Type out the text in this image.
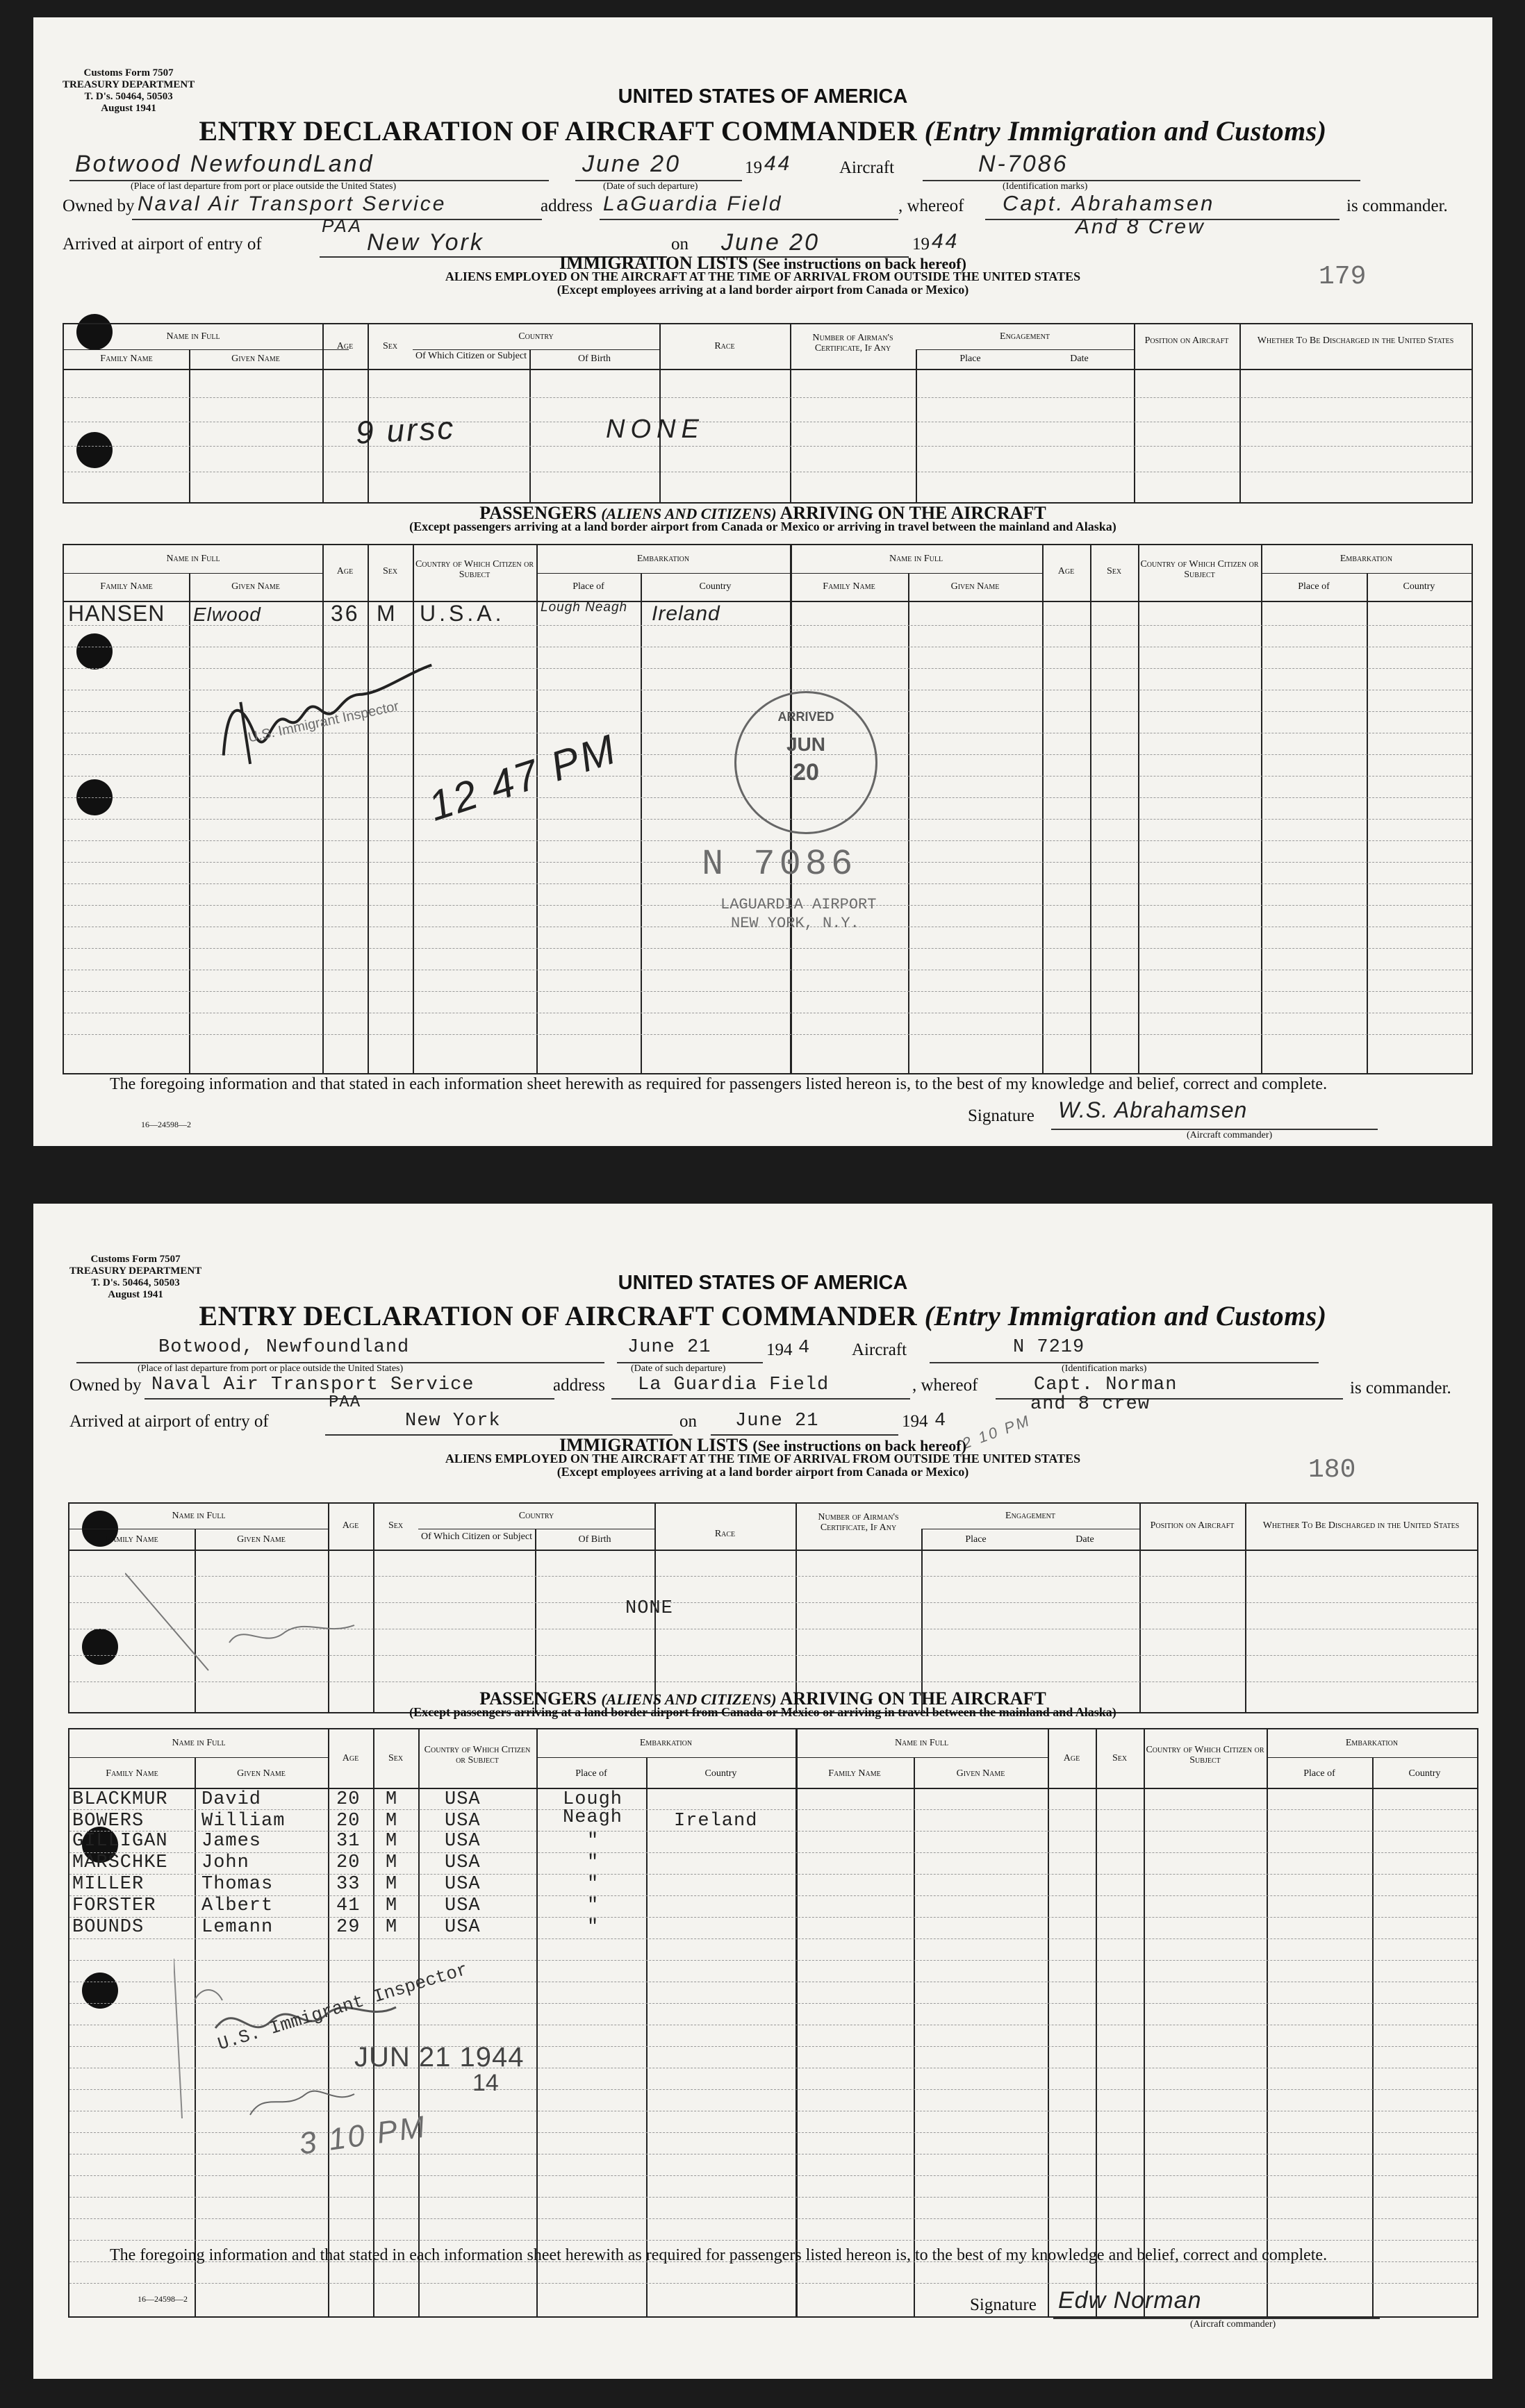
Customs Form 7507
TREASURY DEPARTMENT
T. D's. 50464, 50503
August 1941
UNITED STATES OF AMERICA
ENTRY DECLARATION OF AIRCRAFT COMMANDER (Entry Immigration and Customs)
Botwood NewfoundLand	June 20	19 44	Aircraft	N-7086
(Place of last departure from port or place outside the United States)	(Date of such departure)	(Identification marks)
Owned by Naval Air Transport Service	address LaGuardia Field	, whereof Capt. Abrahamsen	is commander.
PAA	And 8 Crew
Arrived at airport of entry of	New York	on June 20	19 44
179
IMMIGRATION LISTS (See instructions on back hereof)
ALIENS EMPLOYED ON THE AIRCRAFT AT THE TIME OF ARRIVAL FROM OUTSIDE THE UNITED STATES
(Except employees arriving at a land border airport from Canada or Mexico)
Name in Full
Family Name	Given Name
Age	Sex
Country
Of Which Citizen or Subject	Of Birth
Race
Number of Airman's Certificate, If Any
Engagement
Place	Date
Position on Aircraft	Whether To Be Discharged in the United States
9 ursc	NONE
PASSENGERS (ALIENS AND CITIZENS) ARRIVING ON THE AIRCRAFT
(Except passengers arriving at a land border airport from Canada or Mexico or arriving in travel between the mainland and Alaska)
Name in Full
Family Name	Given Name
Age	Sex
Country of Which Citizen or Subject
Embarkation
Place of	Country
Name in Full
Family Name	Given Name
Age	Sex
Country of Which Citizen or Subject
Embarkation
Place of	Country
HANSEN Elwood	36 M U.S.A.	Lough Neagh	Ireland
U.S. Immigrant Inspector
12 47 PM
ARRIVED
JUN
20
N 7086
LAGUARDIA AIRPORT
NEW YORK, N.Y.
The foregoing information and that stated in each information sheet herewith as required for passengers listed hereon is, to the best of my knowledge and belief, correct and complete.
16—24598—2	Signature W.S. Abrahamsen
(Aircraft commander)
Customs Form 7507
TREASURY DEPARTMENT
T. D's. 50464, 50503
August 1941
UNITED STATES OF AMERICA
ENTRY DECLARATION OF AIRCRAFT COMMANDER (Entry Immigration and Customs)
Botwood, Newfoundland	June 21	194 4 Aircraft	N 7219
(Place of last departure from port or place outside the United States)	(Date of such departure)	(Identification marks)
Owned by Naval Air Transport Service	address La Guardia Field	, whereof	Capt. Norman	is commander.
PAA	and 8 crew
Arrived at airport of entry of	New York	on June 21	194 4 2 10 PM
180
IMMIGRATION LISTS (See instructions on back hereof)
ALIENS EMPLOYED ON THE AIRCRAFT AT THE TIME OF ARRIVAL FROM OUTSIDE THE UNITED STATES
(Except employees arriving at a land border airport from Canada or Mexico)
Name in Full
Family Name	Given Name
Age	Sex
Country
Of Which Citizen or Subject	Of Birth
Race
Number of Airman's Certificate, If Any
Engagement
Place	Date
Position on Aircraft	Whether To Be Discharged in the United States
NONE
PASSENGERS (ALIENS AND CITIZENS) ARRIVING ON THE AIRCRAFT
(Except passengers arriving at a land border airport from Canada or Mexico or arriving in travel between the mainland and Alaska)
Name in Full
Family Name	Given Name
Age	Sex
Country of Which Citizen or Subject
Embarkation
Place of	Country
Name in Full
Family Name	Given Name
Age	Sex
Country of Which Citizen or Subject
Embarkation
Place of	Country
BLACKMUR David	20 M	USA	Lough
BOWERS	William	20 M	USA	Neagh	Ireland
GILLIGAN James	31 M	USA	"
MARSCHKE John	20 M	USA	"
MILLER	Thomas	33 M	USA	"
FORSTER Albert	41 M	USA	"
BOUNDS	Lemann	29 M	USA	"
U.S. Immigrant Inspector
JUN 21 1944
14
3 10 PM
The foregoing information and that stated in each information sheet herewith as required for passengers listed hereon is, to the best of my knowledge and belief, correct and complete.
16—24598—2	Signature Edw Norman
(Aircraft commander)
